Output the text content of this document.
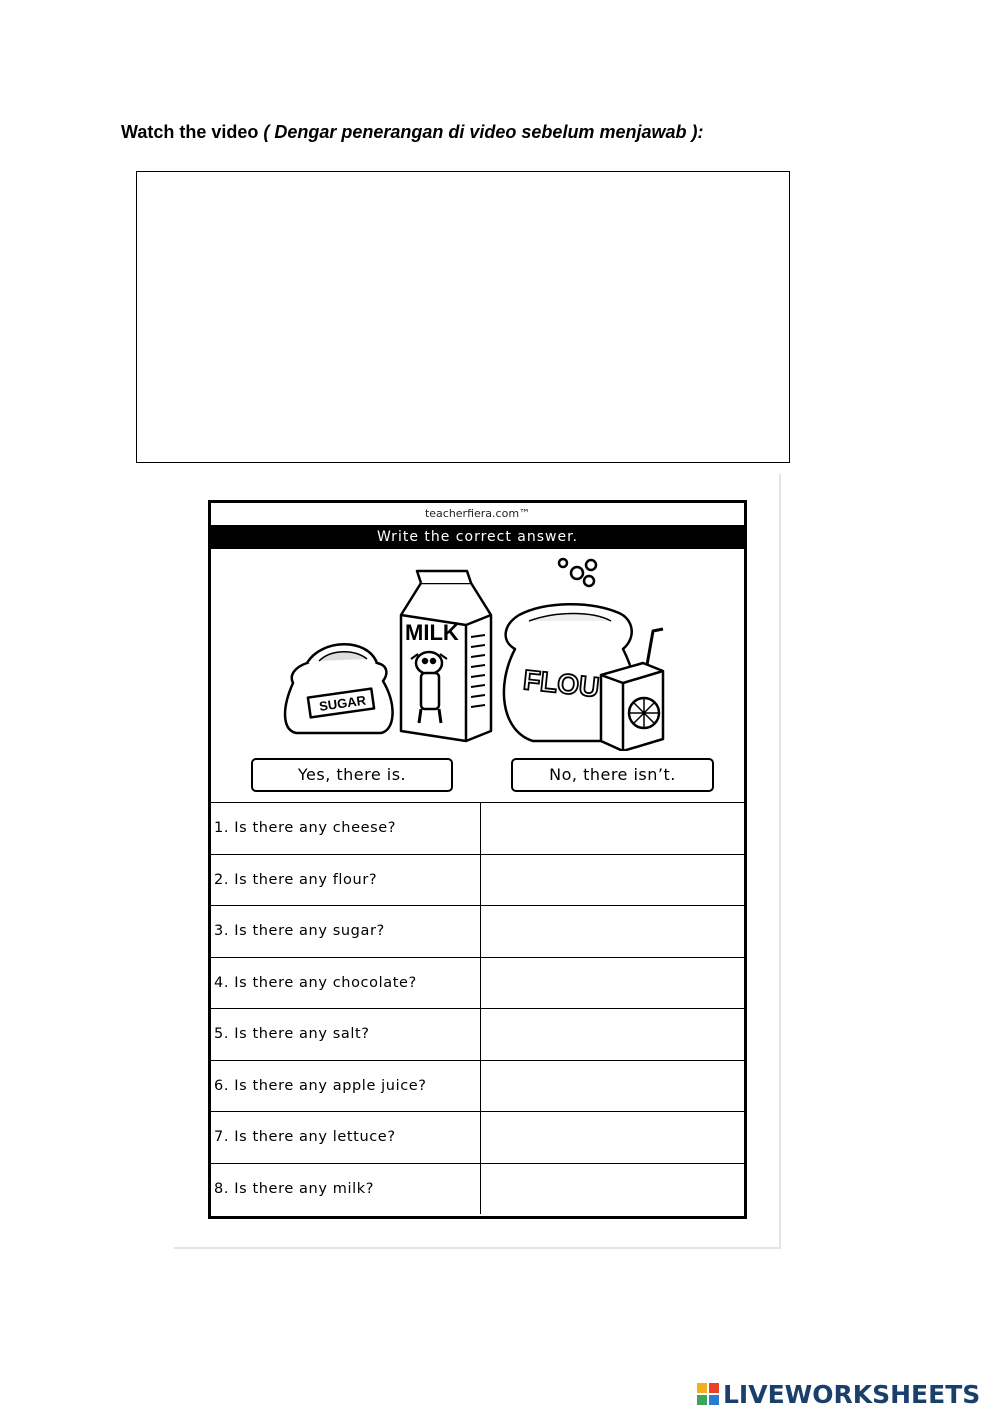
Watch the video ( Dengar penerangan di video sebelum menjawab ):
teacherfiera.com™
Write the correct answer.
SUGAR
MILK
FLOU
Yes, there is.	No, there isn’t.
1. Is there any cheese?	
2. Is there any flour?	
3. Is there any sugar?	
4. Is there any chocolate?	
5. Is there any salt?	
6. Is there any apple juice?	
7. Is there any lettuce?	
8. Is there any milk?	
LIVEWORKSHEETS
